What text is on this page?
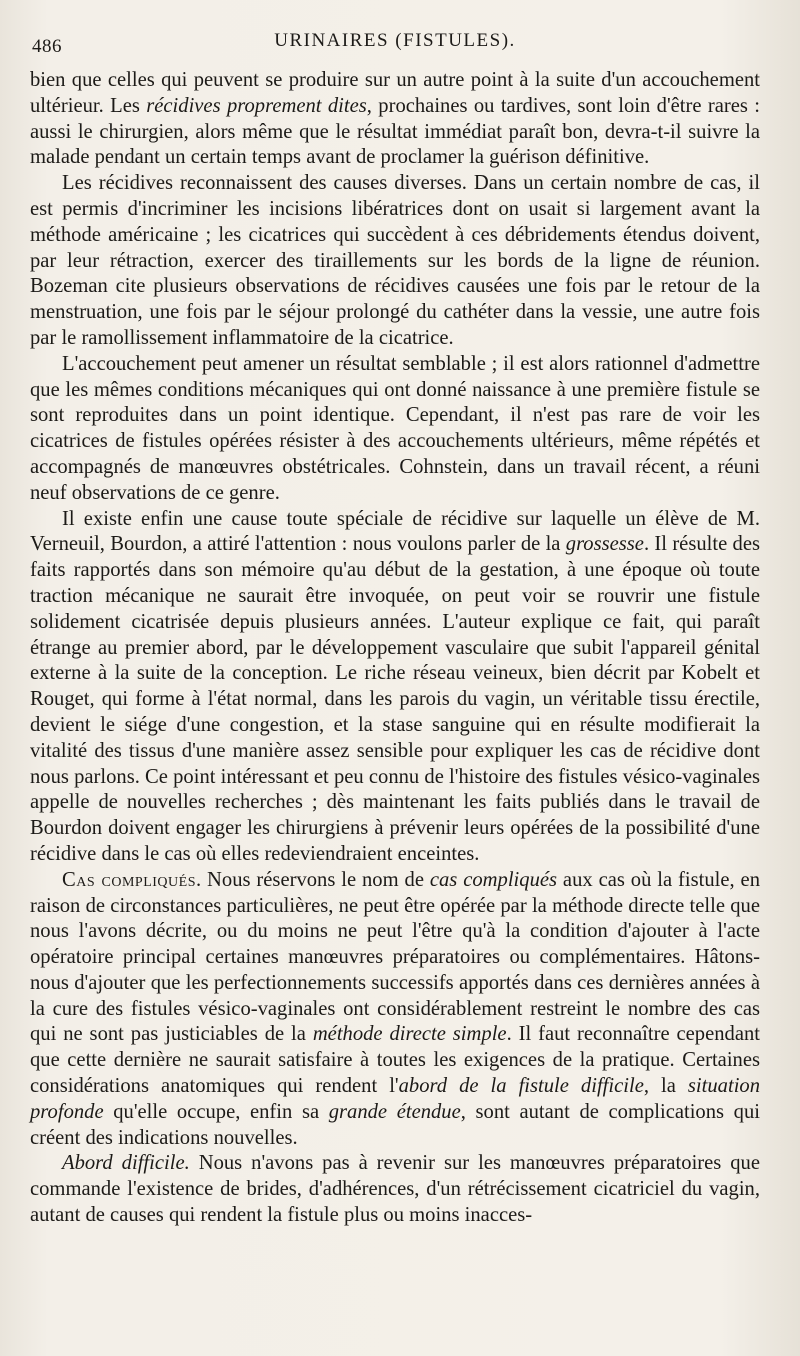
486	URINAIRES (FISTULES).

bien que celles qui peuvent se produire sur un autre point à la suite d'un accouchement ultérieur. Les récidives proprement dites, prochaines ou tardives, sont loin d'être rares : aussi le chirurgien, alors même que le résultat immédiat paraît bon, devra-t-il suivre la malade pendant un certain temps avant de proclamer la guérison définitive.

Les récidives reconnaissent des causes diverses. Dans un certain nombre de cas, il est permis d'incriminer les incisions libératrices dont on usait si largement avant la méthode américaine ; les cicatrices qui succèdent à ces débridements étendus doivent, par leur rétraction, exercer des tiraillements sur les bords de la ligne de réunion. Bozeman cite plusieurs observations de récidives causées une fois par le retour de la menstruation, une fois par le séjour prolongé du cathéter dans la vessie, une autre fois par le ramollissement inflammatoire de la cicatrice.

L'accouchement peut amener un résultat semblable ; il est alors rationnel d'admettre que les mêmes conditions mécaniques qui ont donné naissance à une première fistule se sont reproduites dans un point identique. Cependant, il n'est pas rare de voir les cicatrices de fistules opérées résister à des accouchements ultérieurs, même répétés et accompagnés de manœuvres obstétricales. Cohnstein, dans un travail récent, a réuni neuf observations de ce genre.

Il existe enfin une cause toute spéciale de récidive sur laquelle un élève de M. Verneuil, Bourdon, a attiré l'attention : nous voulons parler de la grossesse. Il résulte des faits rapportés dans son mémoire qu'au début de la gestation, à une époque où toute traction mécanique ne saurait être invoquée, on peut voir se rouvrir une fistule solidement cicatrisée depuis plusieurs années. L'auteur explique ce fait, qui paraît étrange au premier abord, par le développement vasculaire que subit l'appareil génital externe à la suite de la conception. Le riche réseau veineux, bien décrit par Kobelt et Rouget, qui forme à l'état normal, dans les parois du vagin, un véritable tissu érectile, devient le siége d'une congestion, et la stase sanguine qui en résulte modifierait la vitalité des tissus d'une manière assez sensible pour expliquer les cas de récidive dont nous parlons. Ce point intéressant et peu connu de l'histoire des fistules vésico-vaginales appelle de nouvelles recherches ; dès maintenant les faits publiés dans le travail de Bourdon doivent engager les chirurgiens à prévenir leurs opérées de la possibilité d'une récidive dans le cas où elles redeviendraient enceintes.

Cas compliqués. Nous réservons le nom de cas compliqués aux cas où la fistule, en raison de circonstances particulières, ne peut être opérée par la méthode directe telle que nous l'avons décrite, ou du moins ne peut l'être qu'à la condition d'ajouter à l'acte opératoire principal certaines manœuvres préparatoires ou complémentaires. Hâtons-nous d'ajouter que les perfectionnements successifs apportés dans ces dernières années à la cure des fistules vésico-vaginales ont considérablement restreint le nombre des cas qui ne sont pas justiciables de la méthode directe simple. Il faut reconnaître cependant que cette dernière ne saurait satisfaire à toutes les exigences de la pratique. Certaines considérations anatomiques qui rendent l'abord de la fistule difficile, la situation profonde qu'elle occupe, enfin sa grande étendue, sont autant de complications qui créent des indications nouvelles.

Abord difficile. Nous n'avons pas à revenir sur les manœuvres préparatoires que commande l'existence de brides, d'adhérences, d'un rétrécissement cicatriciel du vagin, autant de causes qui rendent la fistule plus ou moins inacces-
